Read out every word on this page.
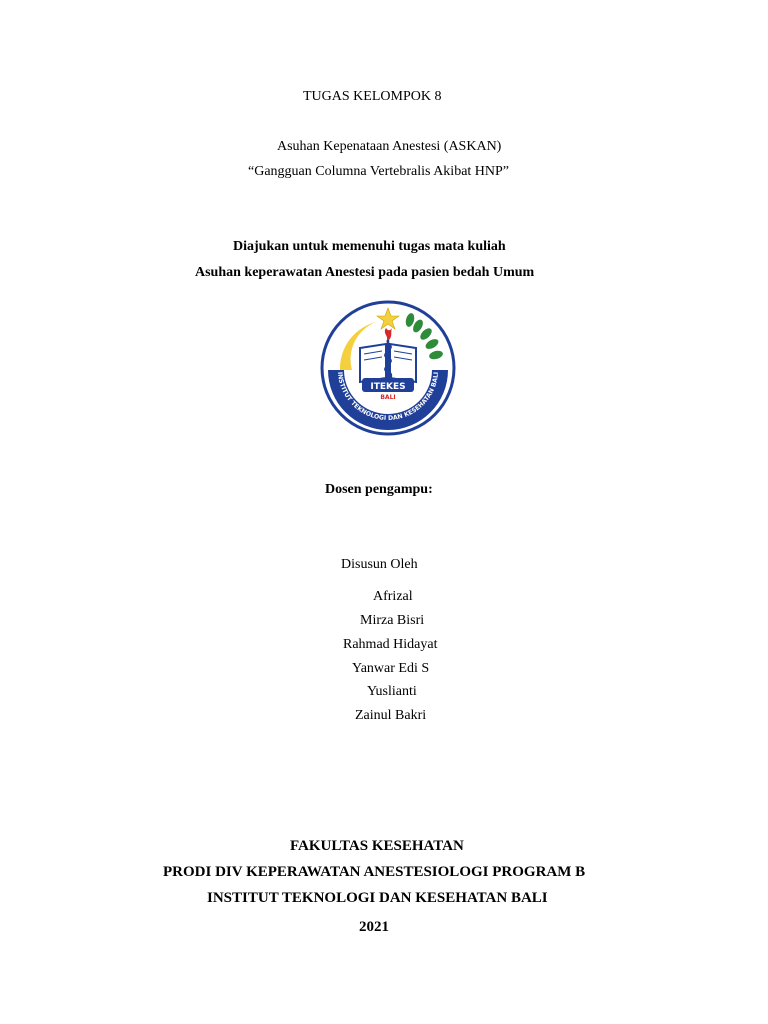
TUGAS KELOMPOK 8
Asuhan Kepenataan Anestesi (ASKAN)
“Gangguan Columna Vertebralis Akibat HNP”
Diajukan untuk memenuhi tugas mata kuliah
Asuhan keperawatan Anestesi pada pasien bedah Umum
ITEKES
BALI
INSTITUT TEKNOLOGI DAN KESEHATAN BALI
Dosen pengampu:
Disusun Oleh
Afrizal
Mirza Bisri
Rahmad Hidayat
Yanwar Edi S
Yuslianti
Zainul Bakri
FAKULTAS KESEHATAN
PRODI DIV KEPERAWATAN ANESTESIOLOGI PROGRAM B
INSTITUT TEKNOLOGI DAN KESEHATAN BALI
2021
